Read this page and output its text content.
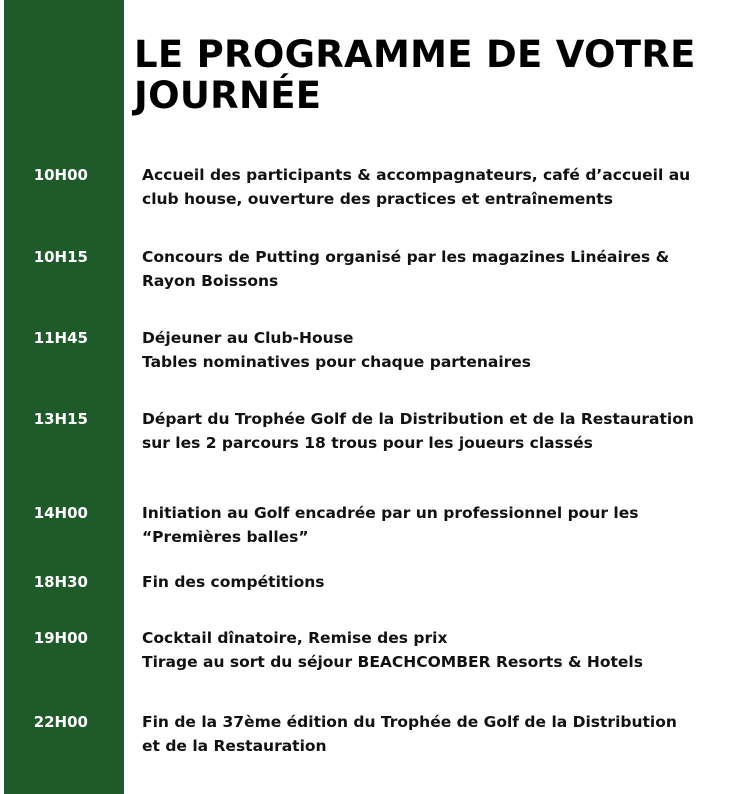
LE PROGRAMME DE VOTRE
JOURNÉE
10H00	Accueil des participants & accompagnateurs, café d’accueil au
club house, ouverture des practices et entraînements
10H15	Concours de Putting organisé par les magazines Linéaires &
Rayon Boissons
11H45	Déjeuner au Club-House
Tables nominatives pour chaque partenaires
13H15	Départ du Trophée Golf de la Distribution et de la Restauration
sur les 2 parcours 18 trous pour les joueurs classés
14H00	Initiation au Golf encadrée par un professionnel pour les
“Premières balles”
18H30	Fin des compétitions
19H00	Cocktail dînatoire, Remise des prix
Tirage au sort du séjour BEACHCOMBER Resorts & Hotels
22H00	Fin de la 37ème édition du Trophée de Golf de la Distribution
et de la Restauration
